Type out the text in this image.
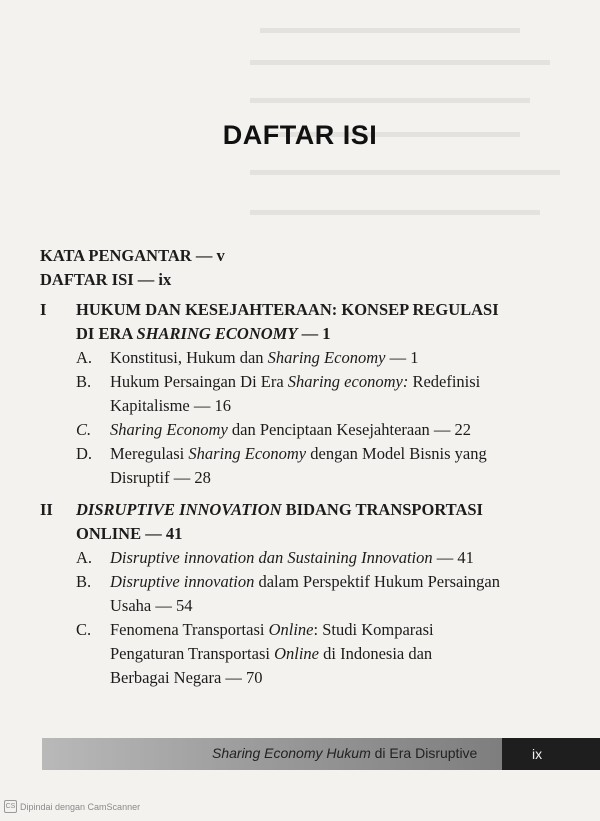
DAFTAR ISI
KATA PENGANTAR — v
DAFTAR ISI — ix
I HUKUM DAN KESEJAHTERAAN: KONSEP REGULASI
DI ERA SHARING ECONOMY — 1
A. Konstitusi, Hukum dan Sharing Economy — 1
B. Hukum Persaingan Di Era Sharing economy: Redefinisi
Kapitalisme — 16
C. Sharing Economy dan Penciptaan Kesejahteraan — 22
D. Meregulasi Sharing Economy dengan Model Bisnis yang
Disruptif — 28
II DISRUPTIVE INNOVATION BIDANG TRANSPORTASI
ONLINE — 41
A. Disruptive innovation dan Sustaining Innovation — 41
B. Disruptive innovation dalam Perspektif Hukum Persaingan
Usaha — 54
C. Fenomena Transportasi Online: Studi Komparasi
Pengaturan Transportasi Online di Indonesia dan
Berbagai Negara — 70
Sharing Economy Hukum di Era Disruptive	ix
CS Dipindai dengan CamScanner
